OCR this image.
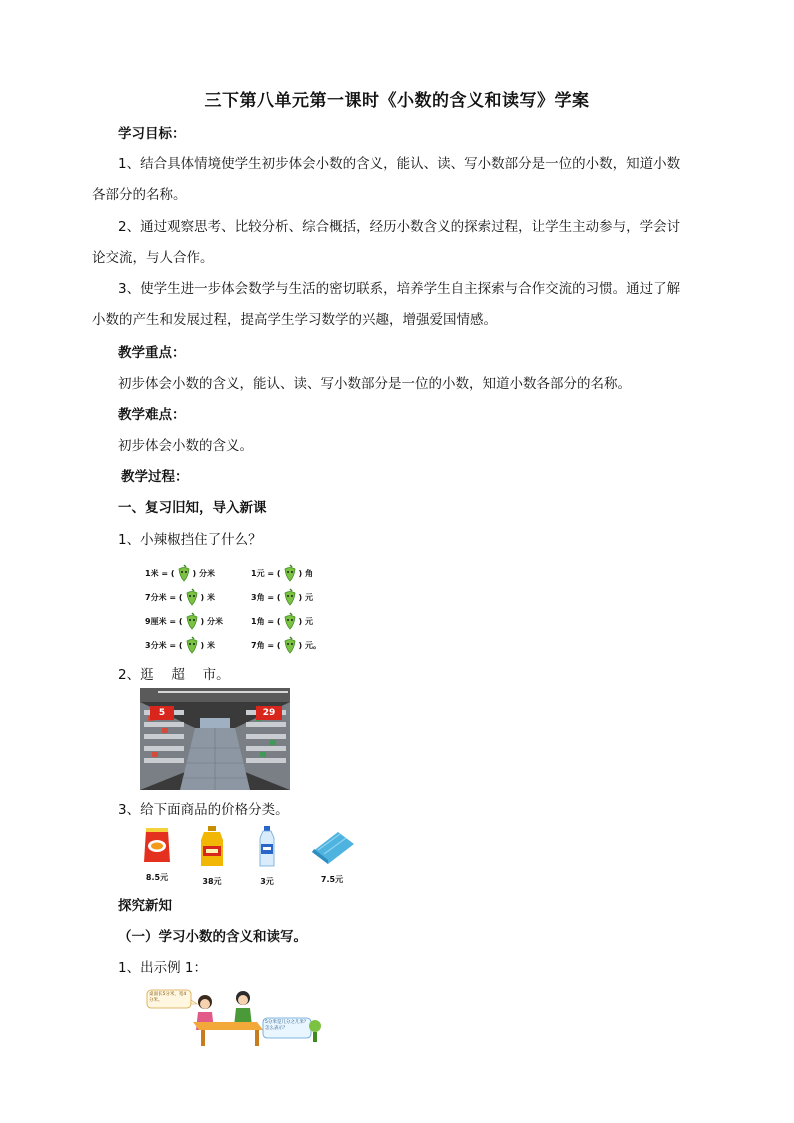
三下第八单元第一课时《小数的含义和读写》学案
学习目标：
1、结合具体情境使学生初步体会小数的含义，能认、读、写小数部分是一位的小数，知道小数
各部分的名称。
2、通过观察思考、比较分析、综合概括，经历小数含义的探索过程，让学生主动参与，学会讨
论交流，与人合作。
3、使学生进一步体会数学与生活的密切联系，培养学生自主探索与合作交流的习惯。通过了解
小数的产生和发展过程，提高学生学习数学的兴趣，增强爱国情感。
教学重点：
初步体会小数的含义，能认、读、写小数部分是一位的小数，知道小数各部分的名称。
教学难点：
初步体会小数的含义。
教学过程：
一、复习旧知，导入新课
1、小辣椒挡住了什么？
1米 = ( ) 分米	1元 = ( ) 角
7分米 = ( ) 米	3角 = ( ) 元
9厘米 = ( ) 分米	1角 = ( ) 元
3分米 = ( ) 米	7角 = ( ) 元。
2、逛　 超　 市。
5	29
3、给下面商品的价格分类。
8.5元	38元	3元	7.5元
探究新知
（一）学习小数的含义和读写。
1、出示例 1：
桌面长5分米，宽4分米。
5分米是几分之几米？怎么表示？
